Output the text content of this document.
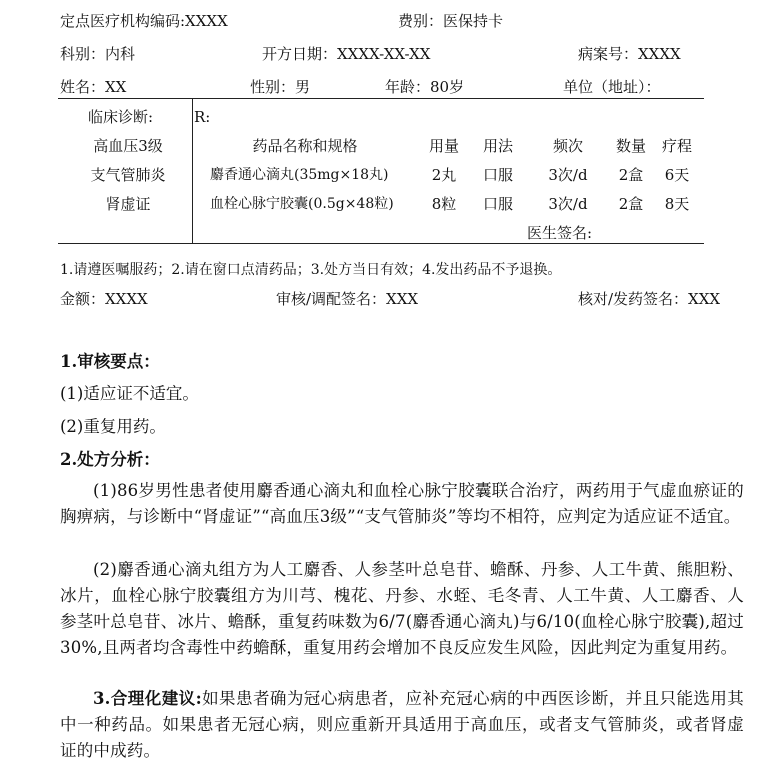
定点医疗机构编码:XXXX	费别：医保持卡
科别：内科	开方日期：XXXX-XX-XX	病案号：XXXX
姓名：XX	性别：男	年龄：80岁	单位（地址）：
临床诊断:
高血压3级
支气管肺炎
肾虚证
R:
药品名称和规格	用量	用法	频次	数量	疗程
麝香通心滴丸(35mg×18丸)	2丸	口服	3次/d	2盒	6天
血栓心脉宁胶囊(0.5g×48粒)	8粒	口服	3次/d	2盒	8天
医生签名:
1.请遵医嘱服药；2.请在窗口点清药品；3.处方当日有效；4.发出药品不予退换。
金额：XXXX	审核/调配签名：XXX	核对/发药签名：XXX
1.审核要点：
(1)适应证不适宜。
(2)重复用药。
2.处方分析：
(1)86岁男性患者使用麝香通心滴丸和血栓心脉宁胶囊联合治疗，两药用于气虚血瘀证的胸痹病，与诊断中“肾虚证”“高血压3级”“支气管肺炎”等均不相符，应判定为适应证不适宜。
(2)麝香通心滴丸组方为人工麝香、人参茎叶总皂苷、蟾酥、丹参、人工牛黄、熊胆粉、冰片，血栓心脉宁胶囊组方为川芎、槐花、丹参、水蛭、毛冬青、人工牛黄、人工麝香、人参茎叶总皂苷、冰片、蟾酥，重复药味数为6/7(麝香通心滴丸)与6/10(血栓心脉宁胶囊),超过30%,且两者均含毒性中药蟾酥，重复用药会增加不良反应发生风险，因此判定为重复用药。
3.合理化建议:如果患者确为冠心病患者，应补充冠心病的中西医诊断，并且只能选用其中一种药品。如果患者无冠心病，则应重新开具适用于高血压，或者支气管肺炎，或者肾虚证的中成药。
